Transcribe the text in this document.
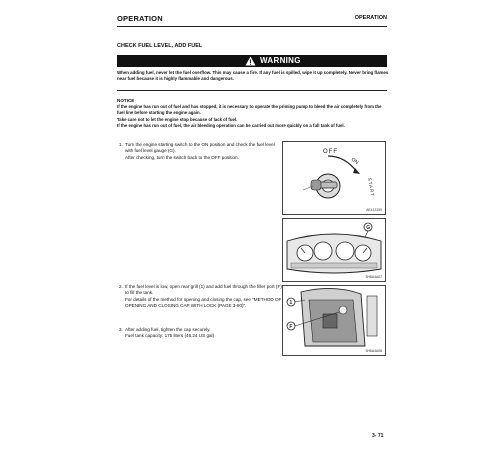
OPERATION	OPERATION
CHECK FUEL LEVEL, ADD FUEL
WARNING
When adding fuel, never let the fuel overflow. This may cause a fire. If any fuel is spilled, wipe it up completely. Never bring flames near fuel because it is highly flammable and dangerous.
NOTICE
If the engine has run out of fuel and has stopped, it is necessary to operate the priming pump to bleed the air completely from the fuel line before starting the engine again.
Take care not to let the engine stop because of lack of fuel.
If the engine has run out of fuel, the air bleeding operation can be carried out more quickly on a full tank of fuel.
1. Turn the engine starting switch to the ON position and check the fuel level with fuel level gauge (G).
After checking, turn the switch back to the OFF position.
2. If the fuel level is low, open rear grill (1) and add fuel through the filler port (F) to fill the tank.
For details of the method for opening and closing the cap, see "METHOD OF OPENING AND CLOSING CAP WITH LOCK (PAGE 3-90)".
3. After adding fuel, tighten the cap securely.
Fuel tank capacity: 175 liters (46.24 US gal)
OFF
ON
START
AE413150
G
5H8A4A07
1
F
5H8A4A08
3- 71
